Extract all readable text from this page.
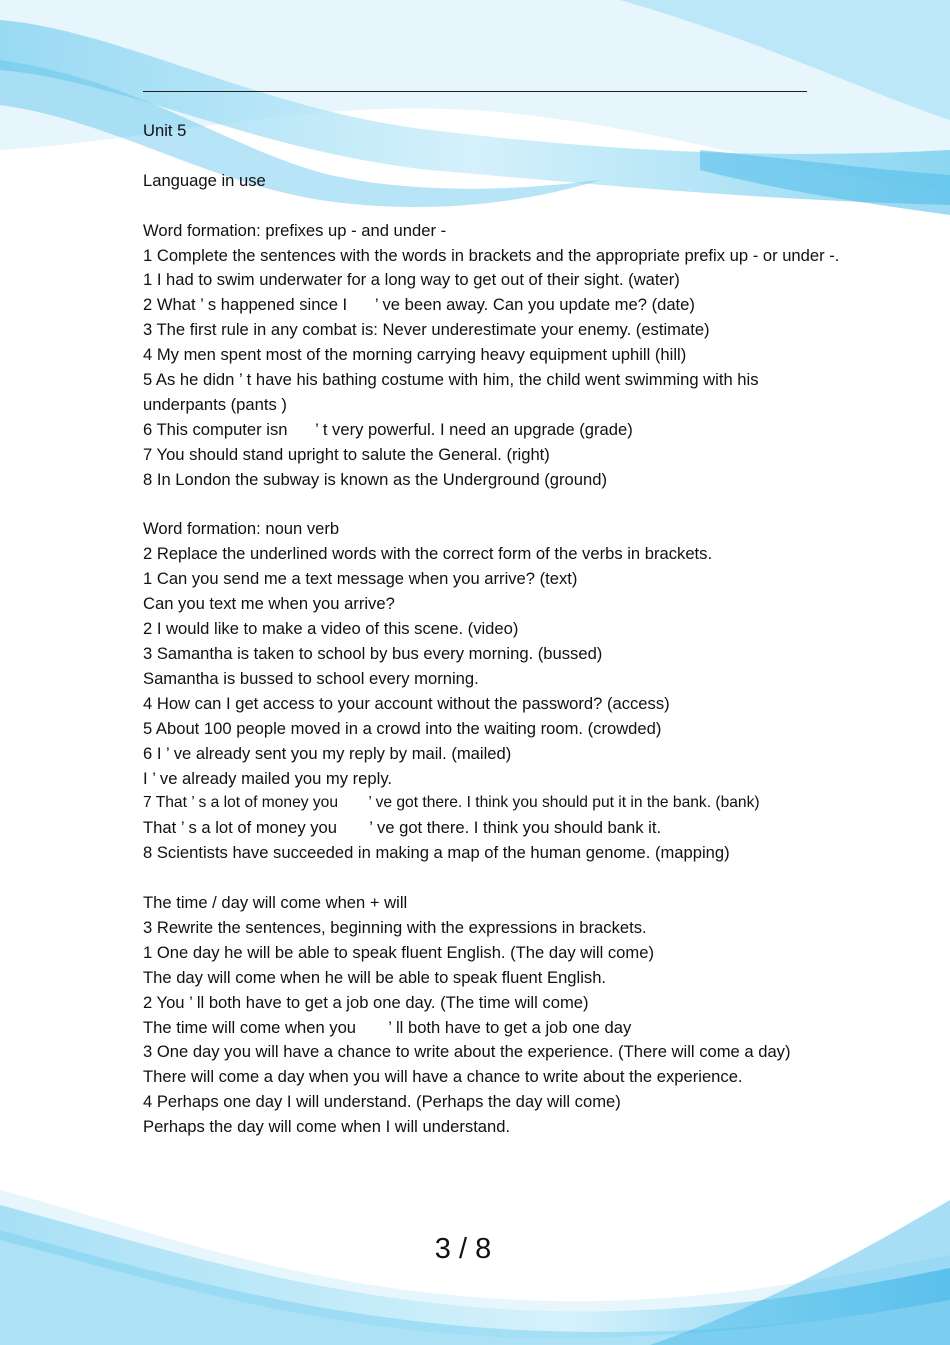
Unit 5

Language in use

Word formation: prefixes up - and under -

1 Complete the sentences with the words in brackets and the appropriate prefix up - or under -.

1 I had to swim underwater for a long way to get out of their sight. (water)

2 What ’ s happened since I      ’ ve been away. Can you update me? (date)

3 The first rule in any combat is: Never underestimate your enemy. (estimate)

4 My men spent most of the morning carrying heavy equipment uphill (hill)

5 As he didn ’ t have his bathing costume with him, the child went swimming with his underpants (pants )

6 This computer isn      ’ t very powerful. I need an upgrade (grade)

7 You should stand upright to salute the General. (right)

8 In London the subway is known as the Underground (ground)

Word formation: noun verb

2 Replace the underlined words with the correct form of the verbs in brackets.

1 Can you send me a text message when you arrive? (text)

Can you text me when you arrive?

2 I would like to make a video of this scene. (video)

3 Samantha is taken to school by bus every morning. (bussed)

Samantha is bussed to school every morning.

4 How can I get access to your account without the password? (access)

5 About 100 people moved in a crowd into the waiting room. (crowded)

6 I ’ ve already sent you my reply by mail. (mailed)

I ’ ve already mailed you my reply.

7 That ’ s a lot of money you       ’ ve got there. I think you should put it in the bank. (bank)

That ’ s a lot of money you       ’ ve got there. I think you should bank it.

8 Scientists have succeeded in making a map of the human genome. (mapping)

The time / day will come when + will

3 Rewrite the sentences, beginning with the expressions in brackets.

1 One day he will be able to speak fluent English. (The day will come)

The day will come when he will be able to speak fluent English.

2 You ’ ll both have to get a job one day. (The time will come)

The time will come when you       ’ ll both have to get a job one day

3 One day you will have a chance to write about the experience. (There will come a day)

There will come a day when you will have a chance to write about the experience.

4 Perhaps one day I will understand. (Perhaps the day will come)

Perhaps the day will come when I will understand.

3 / 8
